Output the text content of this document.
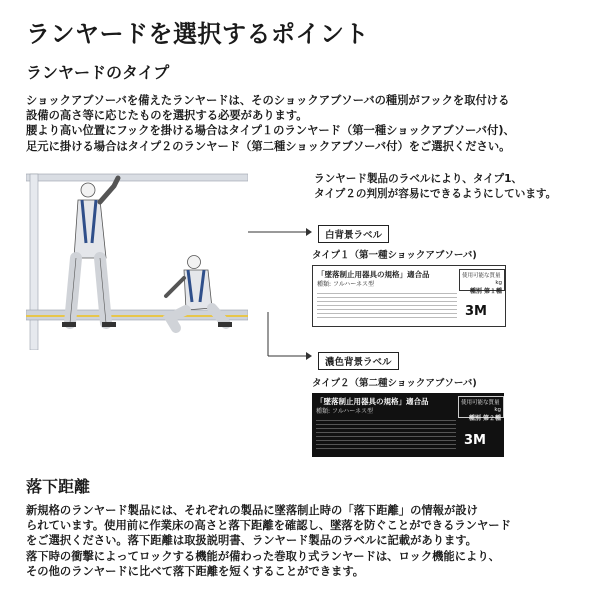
ランヤードを選択するポイント
ランヤードのタイプ
ショックアブソーバを備えたランヤードは、そのショックアブソーバの種別がフックを取付ける
設備の高さ等に応じたものを選択する必要があります。
腰より高い位置にフックを掛ける場合はタイプ１のランヤード（第一種ショックアブソーバ付)、
足元に掛ける場合はタイプ２のランヤード（第二種ショックアブソーバ付）をご選択ください。
ランヤード製品のラベルにより、タイプ1、
タイプ２の判別が容易にできるようにしています。
白背景ラベル
タイプ１（第一種ショックアブソーバ)
「墜落制止用器具の規格」適合品
種類: フルハーネス型
使用可能な質量
kg
種別 第１種
3M
濃色背景ラベル
タイプ２（第二種ショックアブソーバ)
「墜落制止用器具の規格」適合品
種類: フルハーネス型
使用可能な質量
kg
種別 第２種
3M
落下距離
新規格のランヤード製品には、それぞれの製品に墜落制止時の「落下距離」の情報が設け
られています。使用前に作業床の高さと落下距離を確認し、墜落を防ぐことができるランヤード
をご選択ください。落下距離は取扱説明書、ランヤード製品のラベルに記載があります。
落下時の衝撃によってロックする機能が備わった巻取り式ランヤードは、ロック機能により、
その他のランヤードに比べて落下距離を短くすることができます。
